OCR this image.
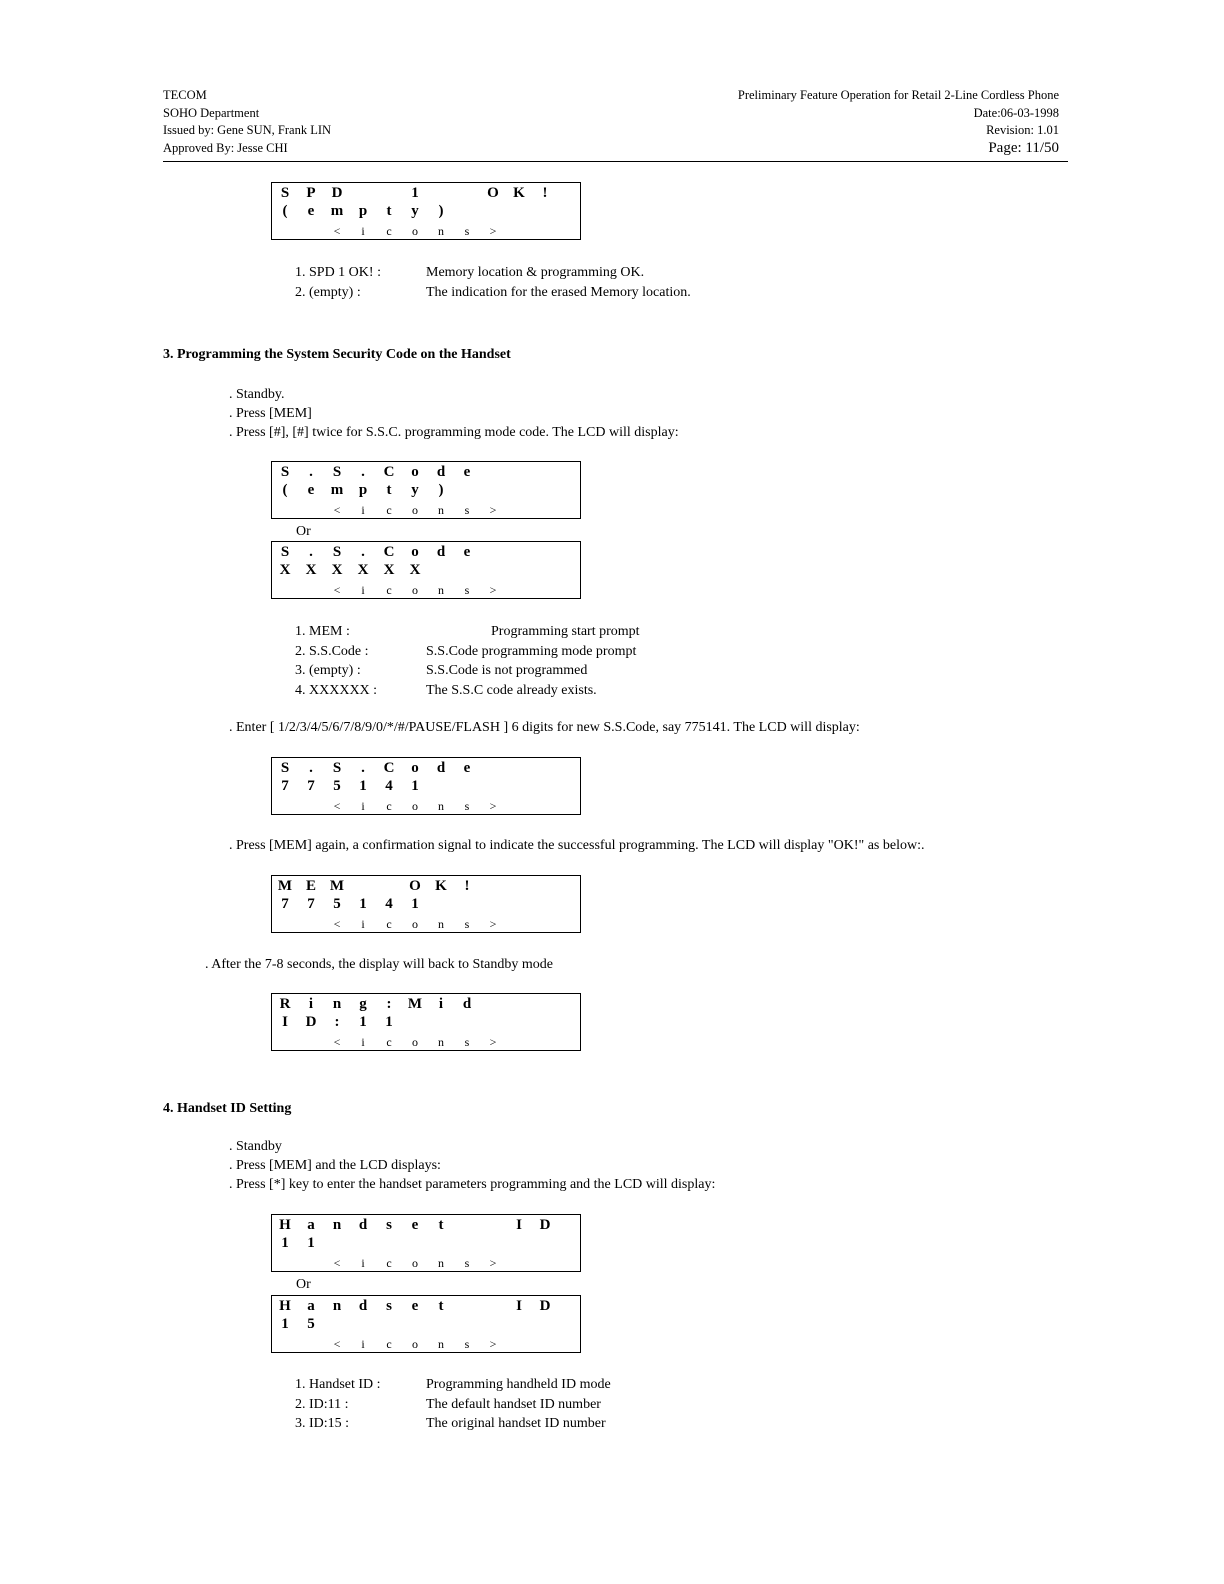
TECOM
SOHO Department
Issued by: Gene SUN, Frank LIN
Approved By: Jesse CHI
Preliminary Feature Operation for Retail 2-Line Cordless Phone
Date:06-03-1998
Revision: 1.01
Page: 11/50
S P D	1	O K !
( e m p t y )
< i c o n s >
1. SPD 1 OK! :	Memory location & programming OK.
2. (empty) :	The indication for the erased Memory location.
3. Programming the System Security Code on the Handset
. Standby.
. Press [MEM]
. Press [#], [#] twice for S.S.C. programming mode code. The LCD will display:
S . S . C o d e
( e m p t y )
< i c o n s >
Or
S . S . C o d e
X X X X X X
< i c o n s >
1. MEM :	Programming start prompt
2. S.S.Code :	S.S.Code programming mode prompt
3. (empty) :	S.S.Code is not programmed
4. XXXXXX :	The S.S.C code already exists.
. Enter [ 1/2/3/4/5/6/7/8/9/0/*/#/PAUSE/FLASH ] 6 digits for new S.S.Code, say 775141. The LCD will display:
S . S . C o d e
7 7 5 1 4 1
< i c o n s >
. Press [MEM] again, a confirmation signal to indicate the successful programming. The LCD will display "OK!" as below:.
M E M	O K !
7 7 5 1 4 1
< i c o n s >
. After the 7-8 seconds, the display will back to Standby mode
R i n g : M i d
I D : 1 1
< i c o n s >
4. Handset ID Setting
. Standby
. Press [MEM] and the LCD displays:
. Press [*] key to enter the handset parameters programming and the LCD will display:
H a n d s e t	I D
1 1
< i c o n s >
Or
H a n d s e t	I D
1 5
< i c o n s >
1. Handset ID :	Programming handheld ID mode
2. ID:11 :	The default handset ID number
3. ID:15 :	The original handset ID number
